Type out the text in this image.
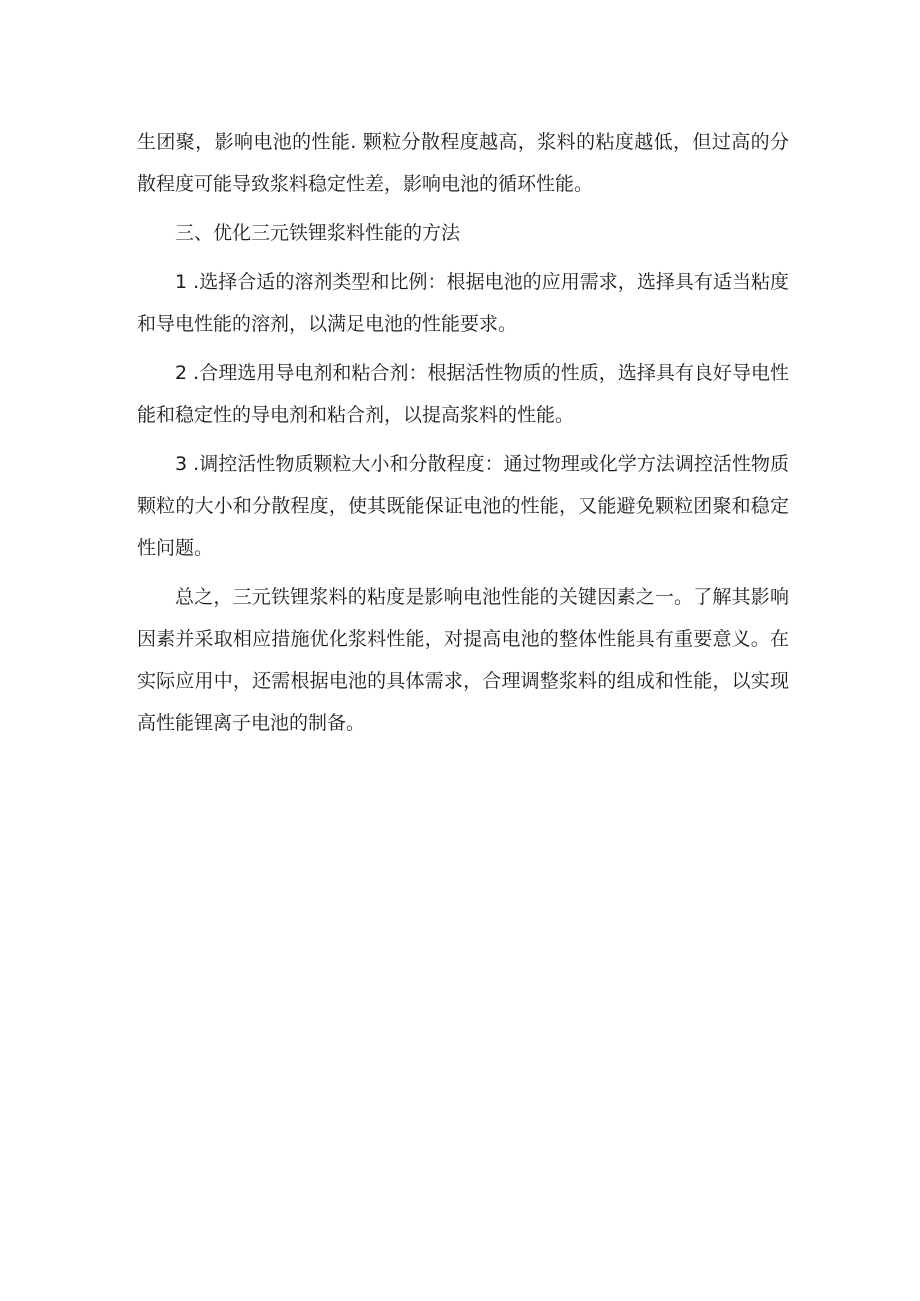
生团聚，影响电池的性能. 颗粒分散程度越高，浆料的粘度越低，但过高的分散程度可能导致浆料稳定性差，影响电池的循环性能。

三、优化三元铁锂浆料性能的方法

1 .选择合适的溶剂类型和比例：根据电池的应用需求，选择具有适当粘度和导电性能的溶剂，以满足电池的性能要求。

2 .合理选用导电剂和粘合剂：根据活性物质的性质，选择具有良好导电性能和稳定性的导电剂和粘合剂，以提高浆料的性能。

3 .调控活性物质颗粒大小和分散程度：通过物理或化学方法调控活性物质颗粒的大小和分散程度，使其既能保证电池的性能，又能避免颗粒团聚和稳定性问题。

总之，三元铁锂浆料的粘度是影响电池性能的关键因素之一。了解其影响因素并采取相应措施优化浆料性能，对提高电池的整体性能具有重要意义。在实际应用中，还需根据电池的具体需求，合理调整浆料的组成和性能，以实现高性能锂离子电池的制备。
